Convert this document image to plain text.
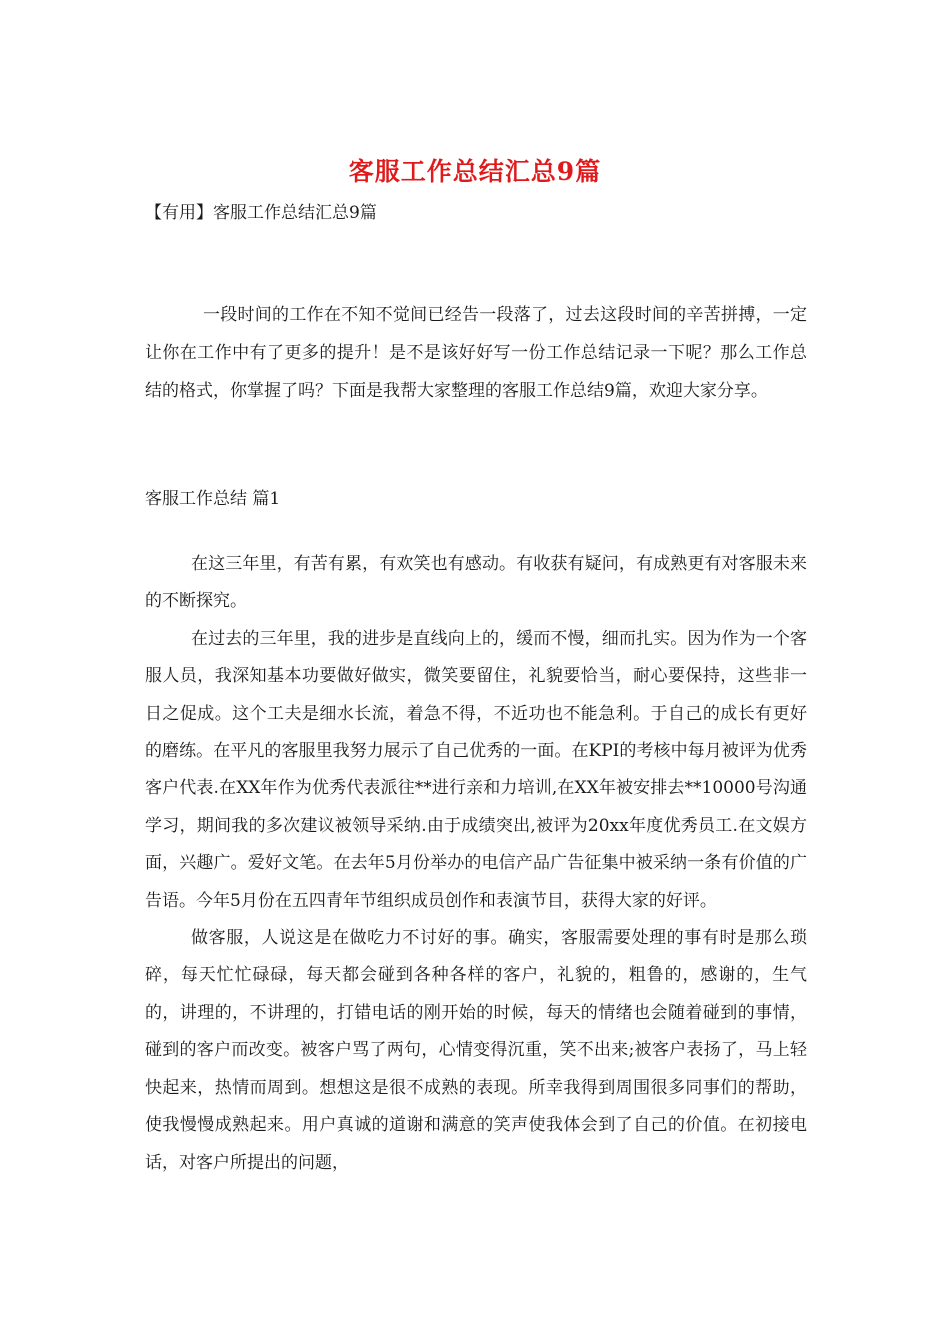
客服工作总结汇总9篇

【有用】客服工作总结汇总9篇

一段时间的工作在不知不觉间已经告一段落了，过去这段时间的辛苦拼搏，一定让你在工作中有了更多的提升！是不是该好好写一份工作总结记录一下呢？那么工作总结的格式，你掌握了吗？下面是我帮大家整理的客服工作总结9篇，欢迎大家分享。

客服工作总结 篇1

在这三年里，有苦有累，有欢笑也有感动。有收获有疑问，有成熟更有对客服未来的不断探究。

在过去的三年里，我的进步是直线向上的，缓而不慢，细而扎实。因为作为一个客服人员，我深知基本功要做好做实，微笑要留住，礼貌要恰当，耐心要保持，这些非一日之促成。这个工夫是细水长流，着急不得，不近功也不能急利。于自己的成长有更好的磨练。在平凡的客服里我努力展示了自己优秀的一面。在KPI的考核中每月被评为优秀客户代表.在XX年作为优秀代表派往**进行亲和力培训,在XX年被安排去**10000号沟通学习，期间我的多次建议被领导采纳.由于成绩突出,被评为20xx年度优秀员工.在文娱方面，兴趣广。爱好文笔。在去年5月份举办的电信产品广告征集中被采纳一条有价值的广告语。今年5月份在五四青年节组织成员创作和表演节目，获得大家的好评。

做客服，人说这是在做吃力不讨好的事。确实，客服需要处理的事有时是那么琐碎，每天忙忙碌碌，每天都会碰到各种各样的客户，礼貌的，粗鲁的，感谢的，生气的，讲理的，不讲理的，打错电话的刚开始的时候，每天的情绪也会随着碰到的事情，碰到的客户而改变。被客户骂了两句，心情变得沉重，笑不出来;被客户表扬了，马上轻快起来，热情而周到。想想这是很不成熟的表现。所幸我得到周围很多同事们的帮助，使我慢慢成熟起来。用户真诚的道谢和满意的笑声使我体会到了自己的价值。在初接电话，对客户所提出的问题，
